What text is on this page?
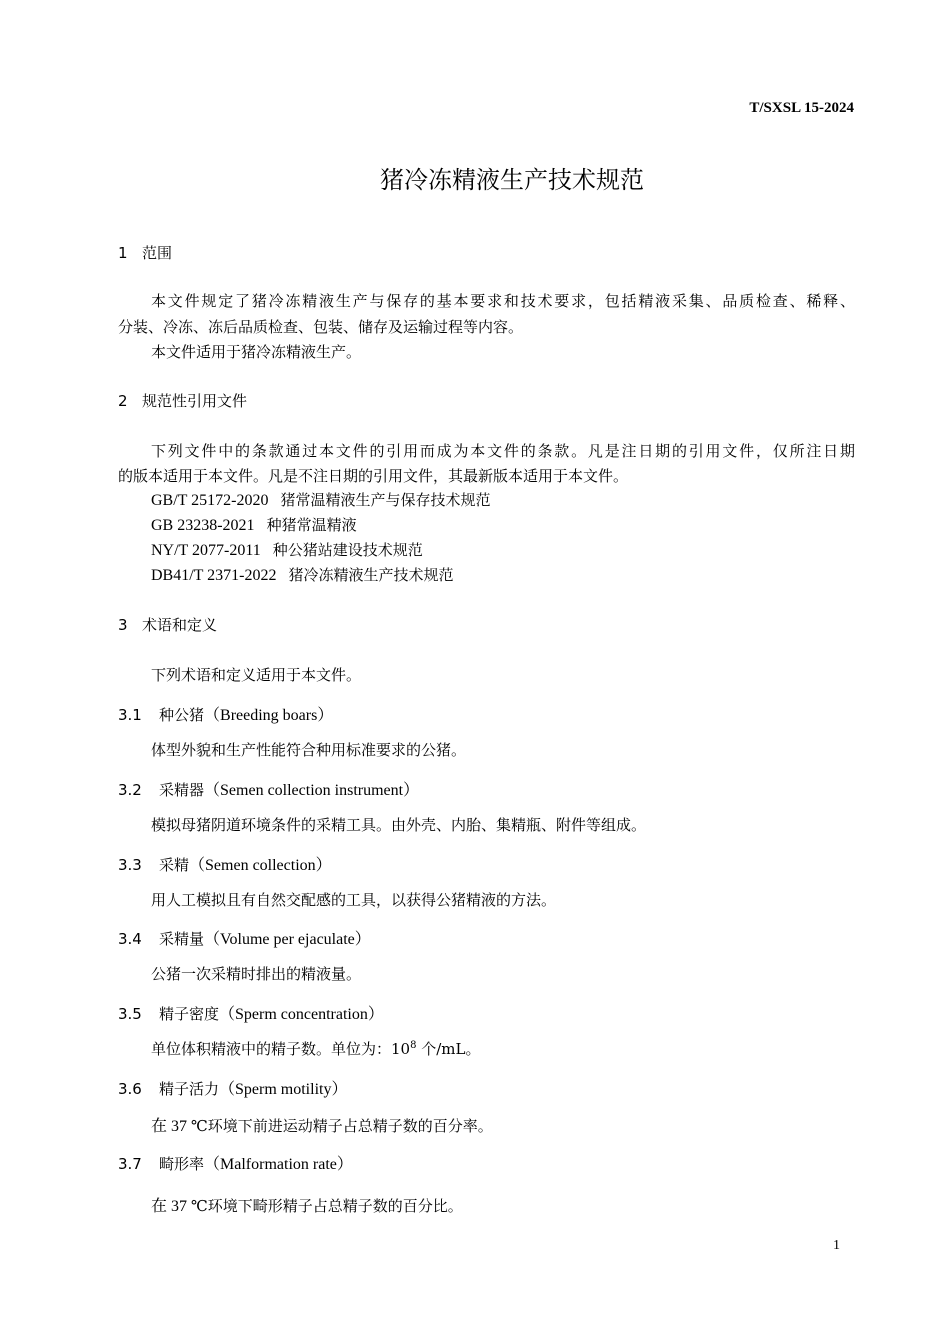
T/SXSL 15-2024
猪冷冻精液生产技术规范
1 范围
本文件规定了猪冷冻精液生产与保存的基本要求和技术要求，包括精液采集、品质检查、稀释、
分装、冷冻、冻后品质检查、包装、储存及运输过程等内容。
本文件适用于猪冷冻精液生产。
2 规范性引用文件
下列文件中的条款通过本文件的引用而成为本文件的条款。凡是注日期的引用文件，仅所注日期
的版本适用于本文件。凡是不注日期的引用文件，其最新版本适用于本文件。
GB/T 25172-2020 猪常温精液生产与保存技术规范
GB 23238-2021 种猪常温精液
NY/T 2077-2011 种公猪站建设技术规范
DB41/T 2371-2022 猪冷冻精液生产技术规范
3 术语和定义
下列术语和定义适用于本文件。
3.1 种公猪（Breeding boars）
体型外貌和生产性能符合种用标准要求的公猪。
3.2 采精器（Semen collection instrument）
模拟母猪阴道环境条件的采精工具。由外壳、内胎、集精瓶、附件等组成。
3.3 采精（Semen collection）
用人工模拟且有自然交配感的工具，以获得公猪精液的方法。
3.4 采精量（Volume per ejaculate）
公猪一次采精时排出的精液量。
3.5 精子密度（Sperm concentration）
单位体积精液中的精子数。单位为：$10^8$ 个/mL。
3.6 精子活力（Sperm motility）
在 37 ℃环境下前进运动精子占总精子数的百分率。
3.7 畸形率（Malformation rate）
在 37 ℃环境下畸形精子占总精子数的百分比。
1
